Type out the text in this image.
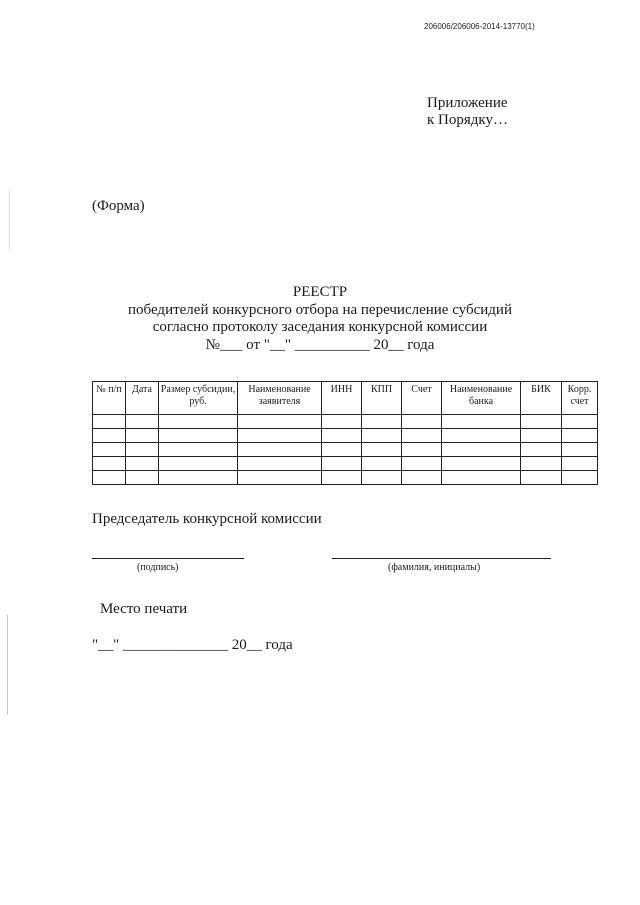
206006/206006-2014-13770(1)
Приложение
к Порядку…
(Форма)
РЕЕСТР
победителей конкурсного отбора на перечисление субсидий
согласно протоколу заседания конкурсной комиссии
№___ от "__" __________ 20__ года
№ п/п	Дата	Размер субсидии, руб.	Наименование заявителя	ИНН	КПП	Счет	Наименование банка	БИК	Корр. счет

Председатель конкурсной комиссии
(подпись)	(фамилия, инициалы)
Место печати
"__" ______________ 20__ года
